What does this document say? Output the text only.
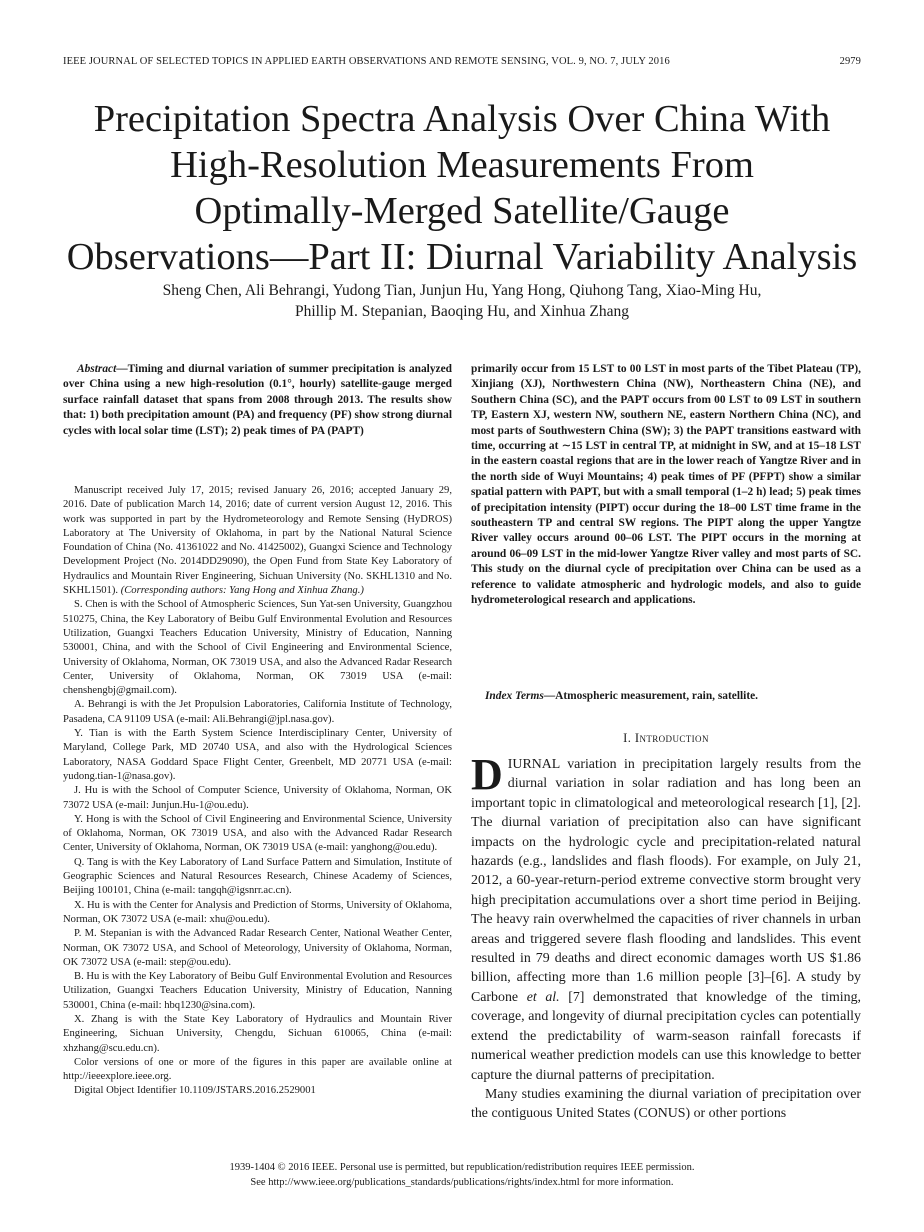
IEEE JOURNAL OF SELECTED TOPICS IN APPLIED EARTH OBSERVATIONS AND REMOTE SENSING, VOL. 9, NO. 7, JULY 2016	2979
Precipitation Spectra Analysis Over China With
High-Resolution Measurements From
Optimally-Merged Satellite/Gauge
Observations—Part II: Diurnal Variability Analysis
Sheng Chen, Ali Behrangi, Yudong Tian, Junjun Hu, Yang Hong, Qiuhong Tang, Xiao-Ming Hu,
Phillip M. Stepanian, Baoqing Hu, and Xinhua Zhang
Abstract—Timing and diurnal variation of summer precipitation is analyzed over China using a new high-resolution (0.1°, hourly) satellite-gauge merged surface rainfall dataset that spans from 2008 through 2013. The results show that: 1) both precipitation amount (PA) and frequency (PF) show strong diurnal cycles with local solar time (LST); 2) peak times of PA (PAPT)

Manuscript received July 17, 2015; revised January 26, 2016; accepted January 29, 2016. Date of publication March 14, 2016; date of current version August 12, 2016. This work was supported in part by the Hydrometeorology and Remote Sensing (HyDROS) Laboratory at The University of Oklahoma, in part by the National Natural Science Foundation of China (No. 41361022 and No. 41425002), Guangxi Science and Technology Development Project (No. 2014DD29090), the Open Fund from State Key Laboratory of Hydraulics and Mountain River Engineering, Sichuan University (No. SKHL1310 and No. SKHL1501). (Corresponding authors: Yang Hong and Xinhua Zhang.)

S. Chen is with the School of Atmospheric Sciences, Sun Yat-sen University, Guangzhou 510275, China, the Key Laboratory of Beibu Gulf Environmental Evolution and Resources Utilization, Guangxi Teachers Education University, Ministry of Education, Nanning 530001, China, and with the School of Civil Engineering and Environmental Science, University of Oklahoma, Norman, OK 73019 USA, and also the Advanced Radar Research Center, University of Oklahoma, Norman, OK 73019 USA (e-mail: chenshengbj@gmail.com).

A. Behrangi is with the Jet Propulsion Laboratories, California Institute of Technology, Pasadena, CA 91109 USA (e-mail: Ali.Behrangi@jpl.nasa.gov).

Y. Tian is with the Earth System Science Interdisciplinary Center, University of Maryland, College Park, MD 20740 USA, and also with the Hydrological Sciences Laboratory, NASA Goddard Space Flight Center, Greenbelt, MD 20771 USA (e-mail: yudong.tian-1@nasa.gov).

J. Hu is with the School of Computer Science, University of Oklahoma, Norman, OK 73072 USA (e-mail: Junjun.Hu-1@ou.edu).

Y. Hong is with the School of Civil Engineering and Environmental Science, University of Oklahoma, Norman, OK 73019 USA, and also with the Advanced Radar Research Center, University of Oklahoma, Norman, OK 73019 USA (e-mail: yanghong@ou.edu).

Q. Tang is with the Key Laboratory of Land Surface Pattern and Simulation, Institute of Geographic Sciences and Natural Resources Research, Chinese Academy of Sciences, Beijing 100101, China (e-mail: tangqh@igsnrr.ac.cn).

X. Hu is with the Center for Analysis and Prediction of Storms, University of Oklahoma, Norman, OK 73072 USA (e-mail: xhu@ou.edu).

P. M. Stepanian is with the Advanced Radar Research Center, National Weather Center, Norman, OK 73072 USA, and School of Meteorology, University of Oklahoma, Norman, OK 73072 USA (e-mail: step@ou.edu).

B. Hu is with the Key Laboratory of Beibu Gulf Environmental Evolution and Resources Utilization, Guangxi Teachers Education University, Ministry of Education, Nanning 530001, China (e-mail: hbq1230@sina.com).

X. Zhang is with the State Key Laboratory of Hydraulics and Mountain River Engineering, Sichuan University, Chengdu, Sichuan 610065, China (e-mail: xhzhang@scu.edu.cn).

Color versions of one or more of the figures in this paper are available online at http://ieeexplore.ieee.org.

Digital Object Identifier 10.1109/JSTARS.2016.2529001

primarily occur from 15 LST to 00 LST in most parts of the Tibet Plateau (TP), Xinjiang (XJ), Northwestern China (NW), Northeastern China (NE), and Southern China (SC), and the PAPT occurs from 00 LST to 09 LST in southern TP, Eastern XJ, western NW, southern NE, eastern Northern China (NC), and most parts of Southwestern China (SW); 3) the PAPT transitions eastward with time, occurring at ∼15 LST in central TP, at midnight in SW, and at 15–18 LST in the eastern coastal regions that are in the lower reach of Yangtze River and in the north side of Wuyi Mountains; 4) peak times of PF (PFPT) show a similar spatial pattern with PAPT, but with a small temporal (1–2 h) lead; 5) peak times of precipitation intensity (PIPT) occur during the 18–00 LST time frame in the southeastern TP and central SW regions. The PIPT along the upper Yangtze River valley occurs around 00–06 LST. The PIPT occurs in the morning at around 06–09 LST in the mid-lower Yangtze River valley and most parts of SC. This study on the diurnal cycle of precipitation over China can be used as a reference to validate atmospheric and hydrologic models, and also to guide hydrometerological research and applications.
Index Terms—Atmospheric measurement, rain, satellite.
I. Introduction

DIURNAL variation in precipitation largely results from the diurnal variation in solar radiation and has long been an important topic in climatological and meteorological research [1], [2]. The diurnal variation of precipitation also can have significant impacts on the hydrologic cycle and precipitation-related natural hazards (e.g., landslides and flash floods). For example, on July 21, 2012, a 60-year-return-period extreme convective storm brought very high precipitation accumulations over a short time period in Beijing. The heavy rain overwhelmed the capacities of river channels in urban areas and triggered severe flash flooding and landslides. This event resulted in 79 deaths and direct economic damages worth US $1.86 billion, affecting more than 1.6 million people [3]–[6]. A study by Carbone et al. [7] demonstrated that knowledge of the timing, coverage, and longevity of diurnal precipitation cycles can potentially extend the predictability of warm-season rainfall forecasts if numerical weather prediction models can use this knowledge to better capture the diurnal patterns of precipitation.

Many studies examining the diurnal variation of precipitation over the contiguous United States (CONUS) or other portions

1939-1404 © 2016 IEEE. Personal use is permitted, but republication/redistribution requires IEEE permission.
See http://www.ieee.org/publications_standards/publications/rights/index.html for more information.
